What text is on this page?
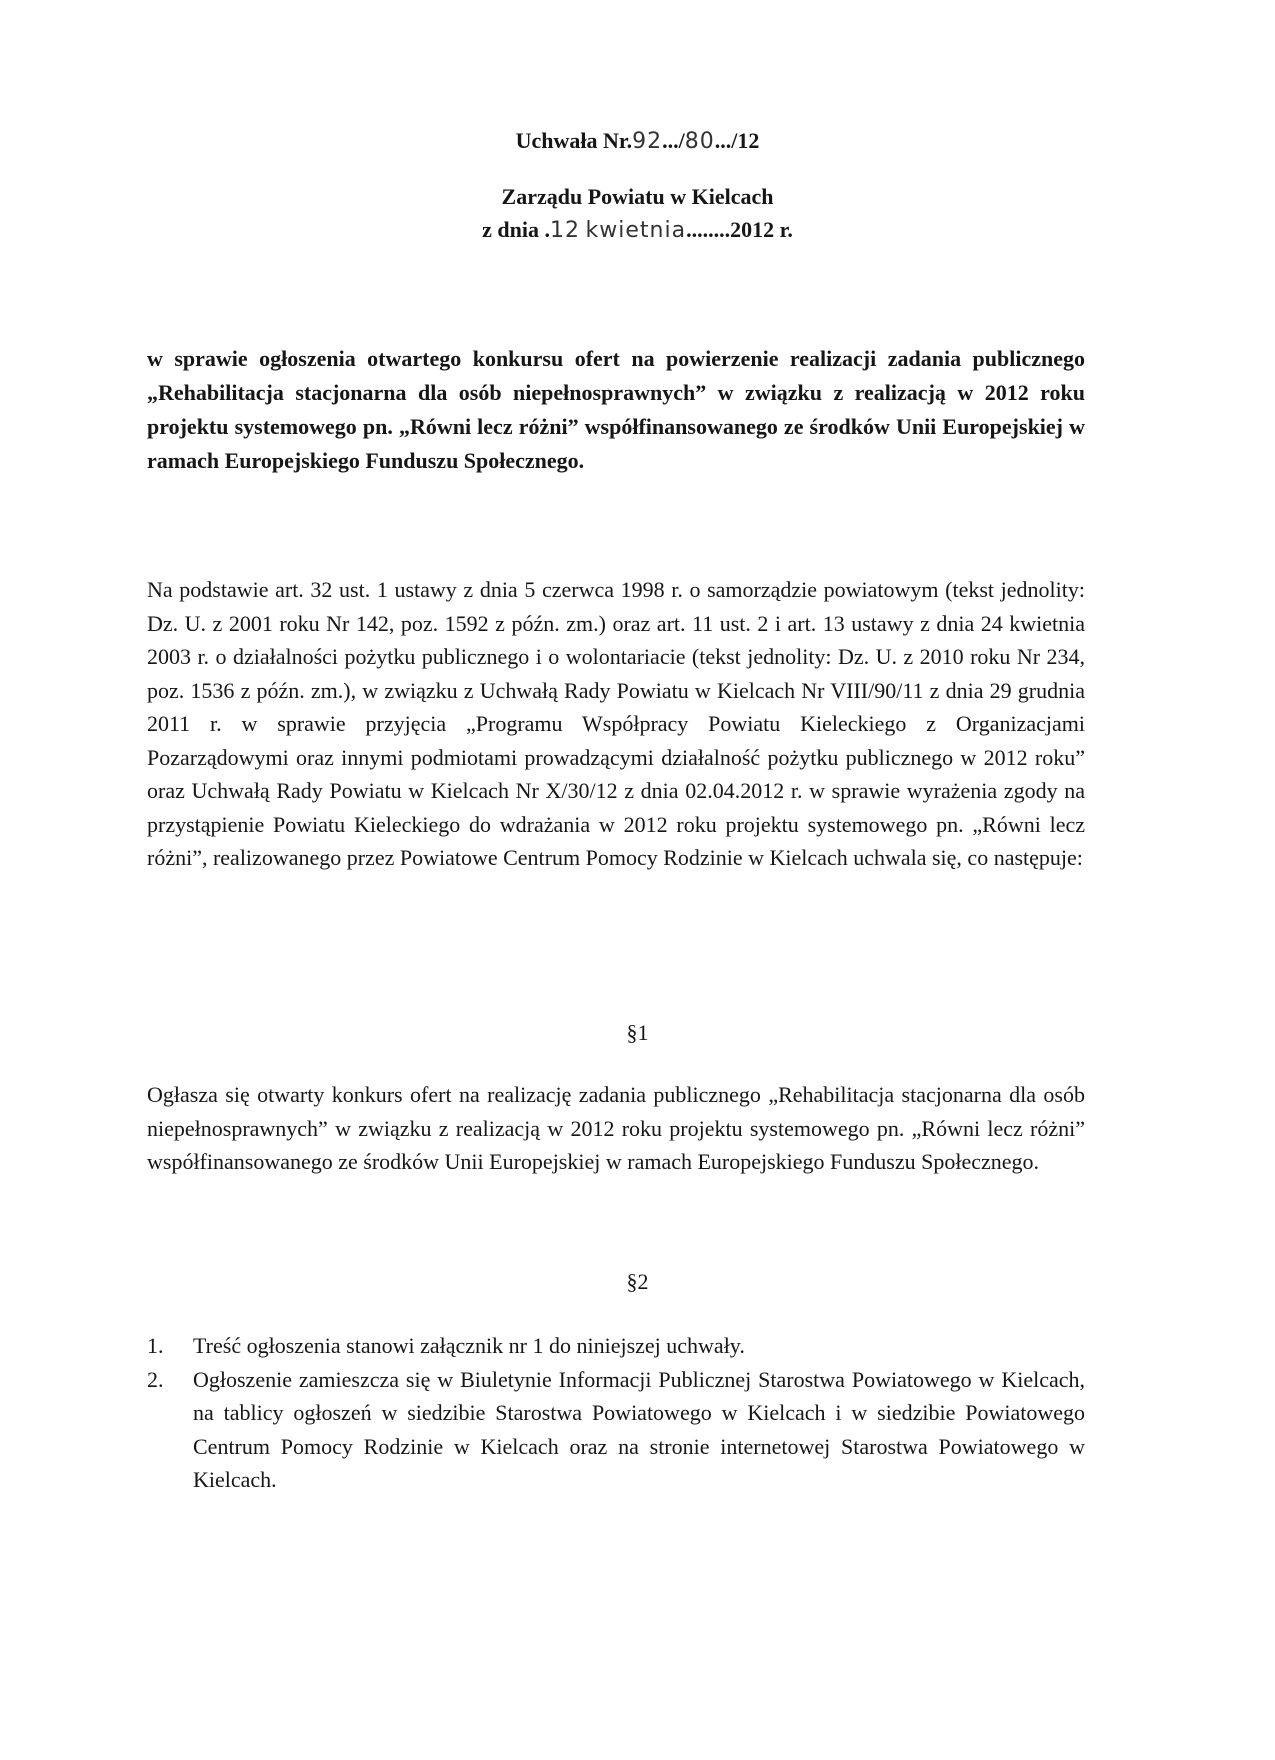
Uchwała Nr.92.../80.../12
Zarządu Powiatu w Kielcach
z dnia .12 kwietnia........2012 r.
w sprawie ogłoszenia otwartego konkursu ofert na powierzenie realizacji zadania publicznego „Rehabilitacja stacjonarna dla osób niepełnosprawnych” w związku z realizacją w 2012 roku projektu systemowego pn. „Równi lecz różni” współfinansowanego ze środków Unii Europejskiej w ramach Europejskiego Funduszu Społecznego.
Na podstawie art. 32 ust. 1 ustawy z dnia 5 czerwca 1998 r. o samorządzie powiatowym (tekst jednolity: Dz. U. z 2001 roku Nr 142, poz. 1592 z późn. zm.) oraz art. 11 ust. 2 i art. 13 ustawy z dnia 24 kwietnia 2003 r. o działalności pożytku publicznego i o wolontariacie (tekst jednolity: Dz. U. z 2010 roku Nr 234, poz. 1536 z późn. zm.), w związku z Uchwałą Rady Powiatu w Kielcach Nr VIII/90/11 z dnia 29 grudnia 2011 r. w sprawie przyjęcia „Programu Współpracy Powiatu Kieleckiego z Organizacjami Pozarządowymi oraz innymi podmiotami prowadzącymi działalność pożytku publicznego w 2012 roku” oraz Uchwałą Rady Powiatu w Kielcach Nr X/30/12 z dnia 02.04.2012 r. w sprawie wyrażenia zgody na przystąpienie Powiatu Kieleckiego do wdrażania w 2012 roku projektu systemowego pn. „Równi lecz różni”, realizowanego przez Powiatowe Centrum Pomocy Rodzinie w Kielcach uchwala się, co następuje:
§1
Ogłasza się otwarty konkurs ofert na realizację zadania publicznego „Rehabilitacja stacjonarna dla osób niepełnosprawnych” w związku z realizacją w 2012 roku projektu systemowego pn. „Równi lecz różni” współfinansowanego ze środków Unii Europejskiej w ramach Europejskiego Funduszu Społecznego.
§2
1.	Treść ogłoszenia stanowi załącznik nr 1 do niniejszej uchwały.
2.	Ogłoszenie zamieszcza się w Biuletynie Informacji Publicznej Starostwa Powiatowego w Kielcach, na tablicy ogłoszeń w siedzibie Starostwa Powiatowego w Kielcach i w siedzibie Powiatowego Centrum Pomocy Rodzinie w Kielcach oraz na stronie internetowej Starostwa Powiatowego w Kielcach.
